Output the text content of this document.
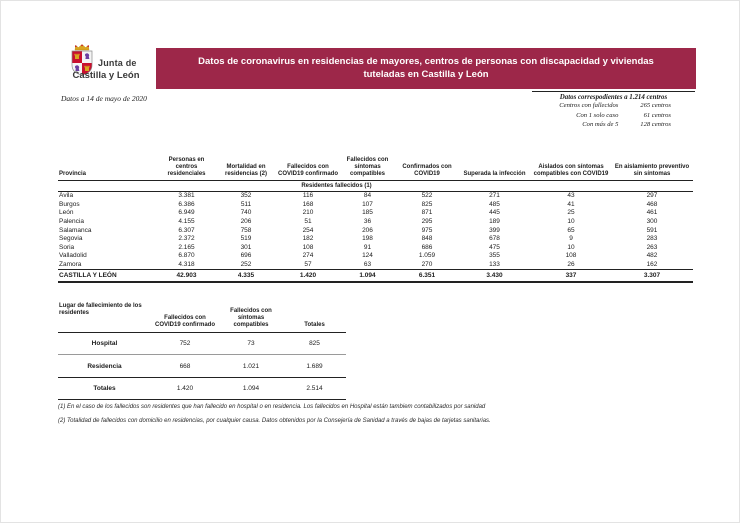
Junta de
Castilla y León
Datos a 14 de mayo de 2020
Datos de coronavirus en residencias de mayores, centros de personas con discapacidad y viviendas
tuteladas en Castilla y León
Datos correspodientes a 1.214 centros
Centros con fallecidos	265 centros
Con 1 solo caso	61 centros
Con más de 5	128 centros
Provincia	Personas en centros residenciales	Mortalidad en residencias (2)	Fallecidos con COVID19 confirmado	Fallecidos con síntomas compatibles	Confirmados con COVID19	Superada la infección	Aislados con síntomas compatibles con COVID19	En aislamiento preventivo sin síntomas
			Residentes fallecidos (1)					
Ávila	3.381	352	116	84	522	271	43	297
Burgos	6.386	511	168	107	825	485	41	468
León	6.949	740	210	185	871	445	25	461
Palencia	4.155	206	51	36	295	189	10	300
Salamanca	6.307	758	254	206	975	399	65	591
Segovia	2.372	519	182	198	848	678	9	283
Soria	2.165	301	108	91	686	475	10	263
Valladolid	6.870	696	274	124	1.059	355	108	482
Zamora	4.318	252	57	63	270	133	26	162
CASTILLA Y LEÓN	42.903	4.335	1.420	1.094	6.351	3.430	337	3.307
Lugar de fallecimiento de los residentes	Fallecidos con COVID19 confirmado	Fallecidos con síntomas compatibles	Totales
Hospital	752	73	825
Residencia	668	1.021	1.689
Totales	1.420	1.094	2.514
(1) En el caso de los fallecidos son residentes que han fallecido en hospital o en residencia. Los fallecidos en Hospital están tambiem contabilizados por sanidad
(2) Totalidad de fallecidos con domicilio en residencias, por cualquier causa. Datos obtenidos por la Consejería de Sanidad a través de bajas de tarjetas sanitarias.
